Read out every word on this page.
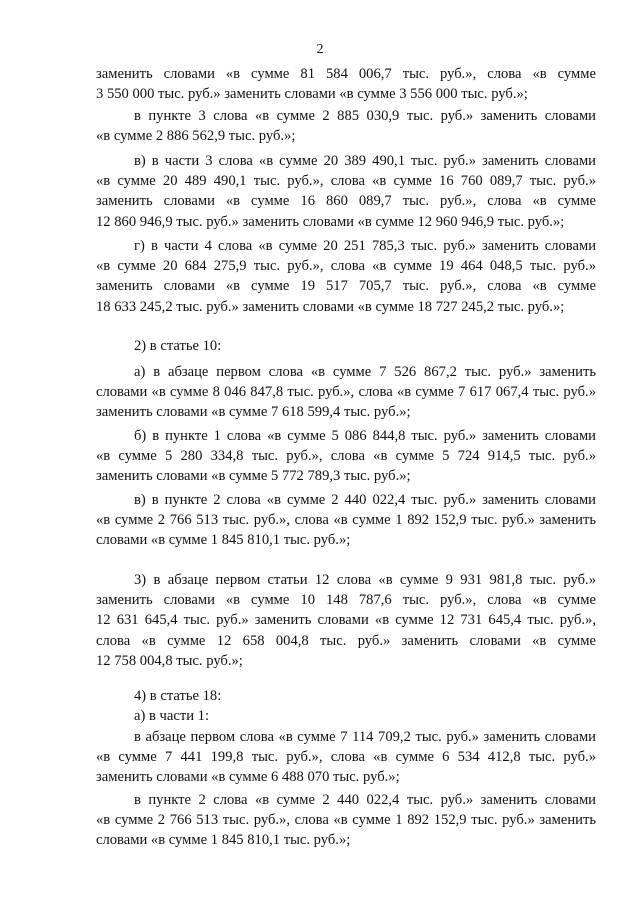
2
заменить словами «в сумме 81 584 006,7 тыс. руб.», слова «в сумме
3 550 000 тыс. руб.» заменить словами «в сумме 3 556 000 тыс. руб.»;
в пункте 3 слова «в сумме 2 885 030,9 тыс. руб.» заменить словами
«в сумме 2 886 562,9 тыс. руб.»;
в) в части 3 слова «в сумме 20 389 490,1 тыс. руб.» заменить словами
«в сумме 20 489 490,1 тыс. руб.», слова «в сумме 16 760 089,7 тыс. руб.»
заменить словами «в сумме 16 860 089,7 тыс. руб.», слова «в сумме
12 860 946,9 тыс. руб.» заменить словами «в сумме 12 960 946,9 тыс. руб.»;
г) в части 4 слова «в сумме 20 251 785,3 тыс. руб.» заменить словами
«в сумме 20 684 275,9 тыс. руб.», слова «в сумме 19 464 048,5 тыс. руб.»
заменить словами «в сумме 19 517 705,7 тыс. руб.», слова «в сумме
18 633 245,2 тыс. руб.» заменить словами «в сумме 18 727 245,2 тыс. руб.»;
2) в статье 10:
а) в абзаце первом слова «в сумме 7 526 867,2 тыс. руб.» заменить
словами «в сумме 8 046 847,8 тыс. руб.», слова «в сумме 7 617 067,4 тыс. руб.»
заменить словами «в сумме 7 618 599,4 тыс. руб.»;
б) в пункте 1 слова «в сумме 5 086 844,8 тыс. руб.» заменить словами
«в сумме 5 280 334,8 тыс. руб.», слова «в сумме 5 724 914,5 тыс. руб.»
заменить словами «в сумме 5 772 789,3 тыс. руб.»;
в) в пункте 2 слова «в сумме 2 440 022,4 тыс. руб.» заменить словами
«в сумме 2 766 513 тыс. руб.», слова «в сумме 1 892 152,9 тыс. руб.» заменить
словами «в сумме 1 845 810,1 тыс. руб.»;
3) в абзаце первом статьи 12 слова «в сумме 9 931 981,8 тыс. руб.»
заменить словами «в сумме 10 148 787,6 тыс. руб.», слова «в сумме
12 631 645,4 тыс. руб.» заменить словами «в сумме 12 731 645,4 тыс. руб.»,
слова «в сумме 12 658 004,8 тыс. руб.» заменить словами «в сумме
12 758 004,8 тыс. руб.»;
4) в статье 18:
а) в части 1:
в абзаце первом слова «в сумме 7 114 709,2 тыс. руб.» заменить словами
«в сумме 7 441 199,8 тыс. руб.», слова «в сумме 6 534 412,8 тыс. руб.»
заменить словами «в сумме 6 488 070 тыс. руб.»;
в пункте 2 слова «в сумме 2 440 022,4 тыс. руб.» заменить словами
«в сумме 2 766 513 тыс. руб.», слова «в сумме 1 892 152,9 тыс. руб.» заменить
словами «в сумме 1 845 810,1 тыс. руб.»;
